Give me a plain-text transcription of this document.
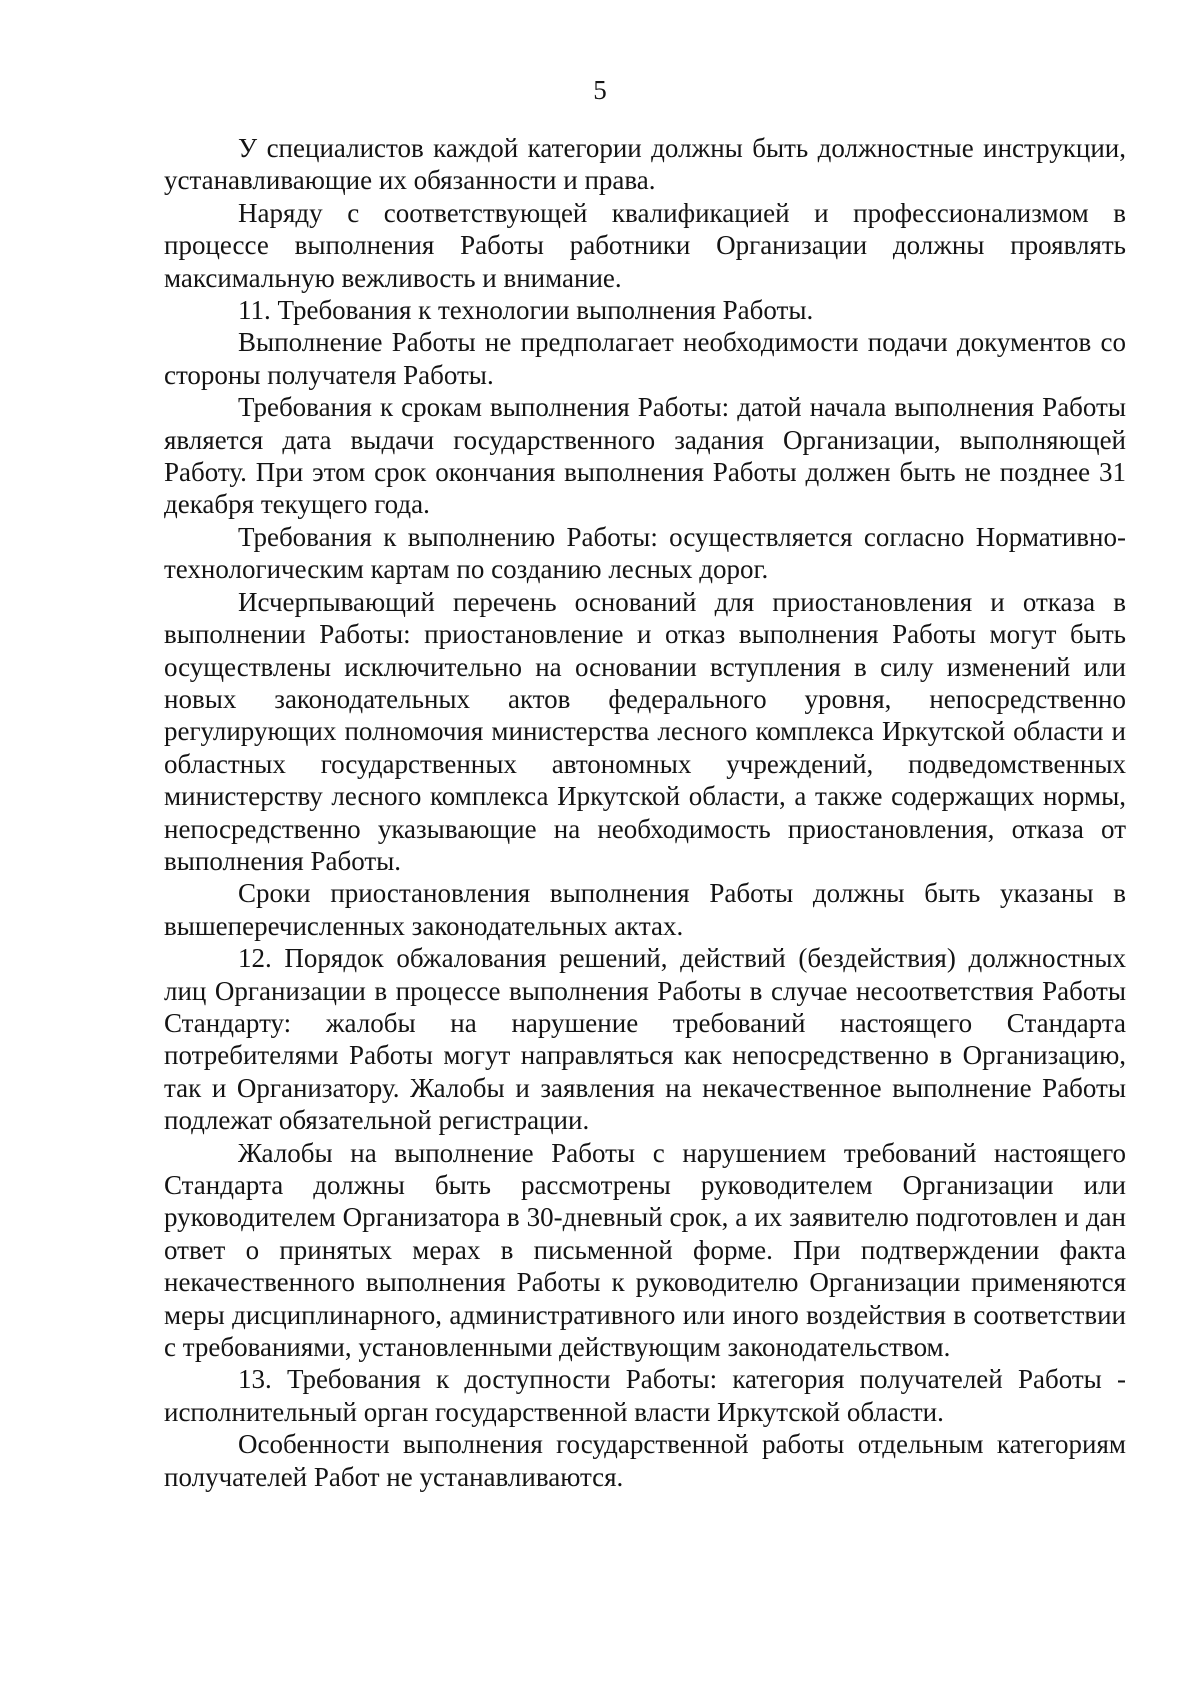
5

У специалистов каждой категории должны быть должностные инструкции, устанавливающие их обязанности и права.

Наряду с соответствующей квалификацией и профессионализмом в процессе выполнения Работы работники Организации должны проявлять максимальную вежливость и внимание.

11. Требования к технологии выполнения Работы.

Выполнение Работы не предполагает необходимости подачи документов со стороны получателя Работы.

Требования к срокам выполнения Работы: датой начала выполнения Работы является дата выдачи государственного задания Организации, выполняющей Работу. При этом срок окончания выполнения Работы должен быть не позднее 31 декабря текущего года.

Требования к выполнению Работы: осуществляется согласно Нормативно-технологическим картам по созданию лесных дорог.

Исчерпывающий перечень оснований для приостановления и отказа в выполнении Работы: приостановление и отказ выполнения Работы могут быть осуществлены исключительно на основании вступления в силу изменений или новых законодательных актов федерального уровня, непосредственно регулирующих полномочия министерства лесного комплекса Иркутской области и областных государственных автономных учреждений, подведомственных министерству лесного комплекса Иркутской области, а также содержащих нормы, непосредственно указывающие на необходимость приостановления, отказа от выполнения Работы.

Сроки приостановления выполнения Работы должны быть указаны в вышеперечисленных законодательных актах.

12. Порядок обжалования решений, действий (бездействия) должностных лиц Организации в процессе выполнения Работы в случае несоответствия Работы Стандарту: жалобы на нарушение требований настоящего Стандарта потребителями Работы могут направляться как непосредственно в Организацию, так и Организатору. Жалобы и заявления на некачественное выполнение Работы подлежат обязательной регистрации.

Жалобы на выполнение Работы с нарушением требований настоящего Стандарта должны быть рассмотрены руководителем Организации или руководителем Организатора в 30-дневный срок, а их заявителю подготовлен и дан ответ о принятых мерах в письменной форме. При подтверждении факта некачественного выполнения Работы к руководителю Организации применяются меры дисциплинарного, административного или иного воздействия в соответствии с требованиями, установленными действующим законодательством.

13. Требования к доступности Работы: категория получателей Работы - исполнительный орган государственной власти Иркутской области.

Особенности выполнения государственной работы отдельным категориям получателей Работ не устанавливаются.
